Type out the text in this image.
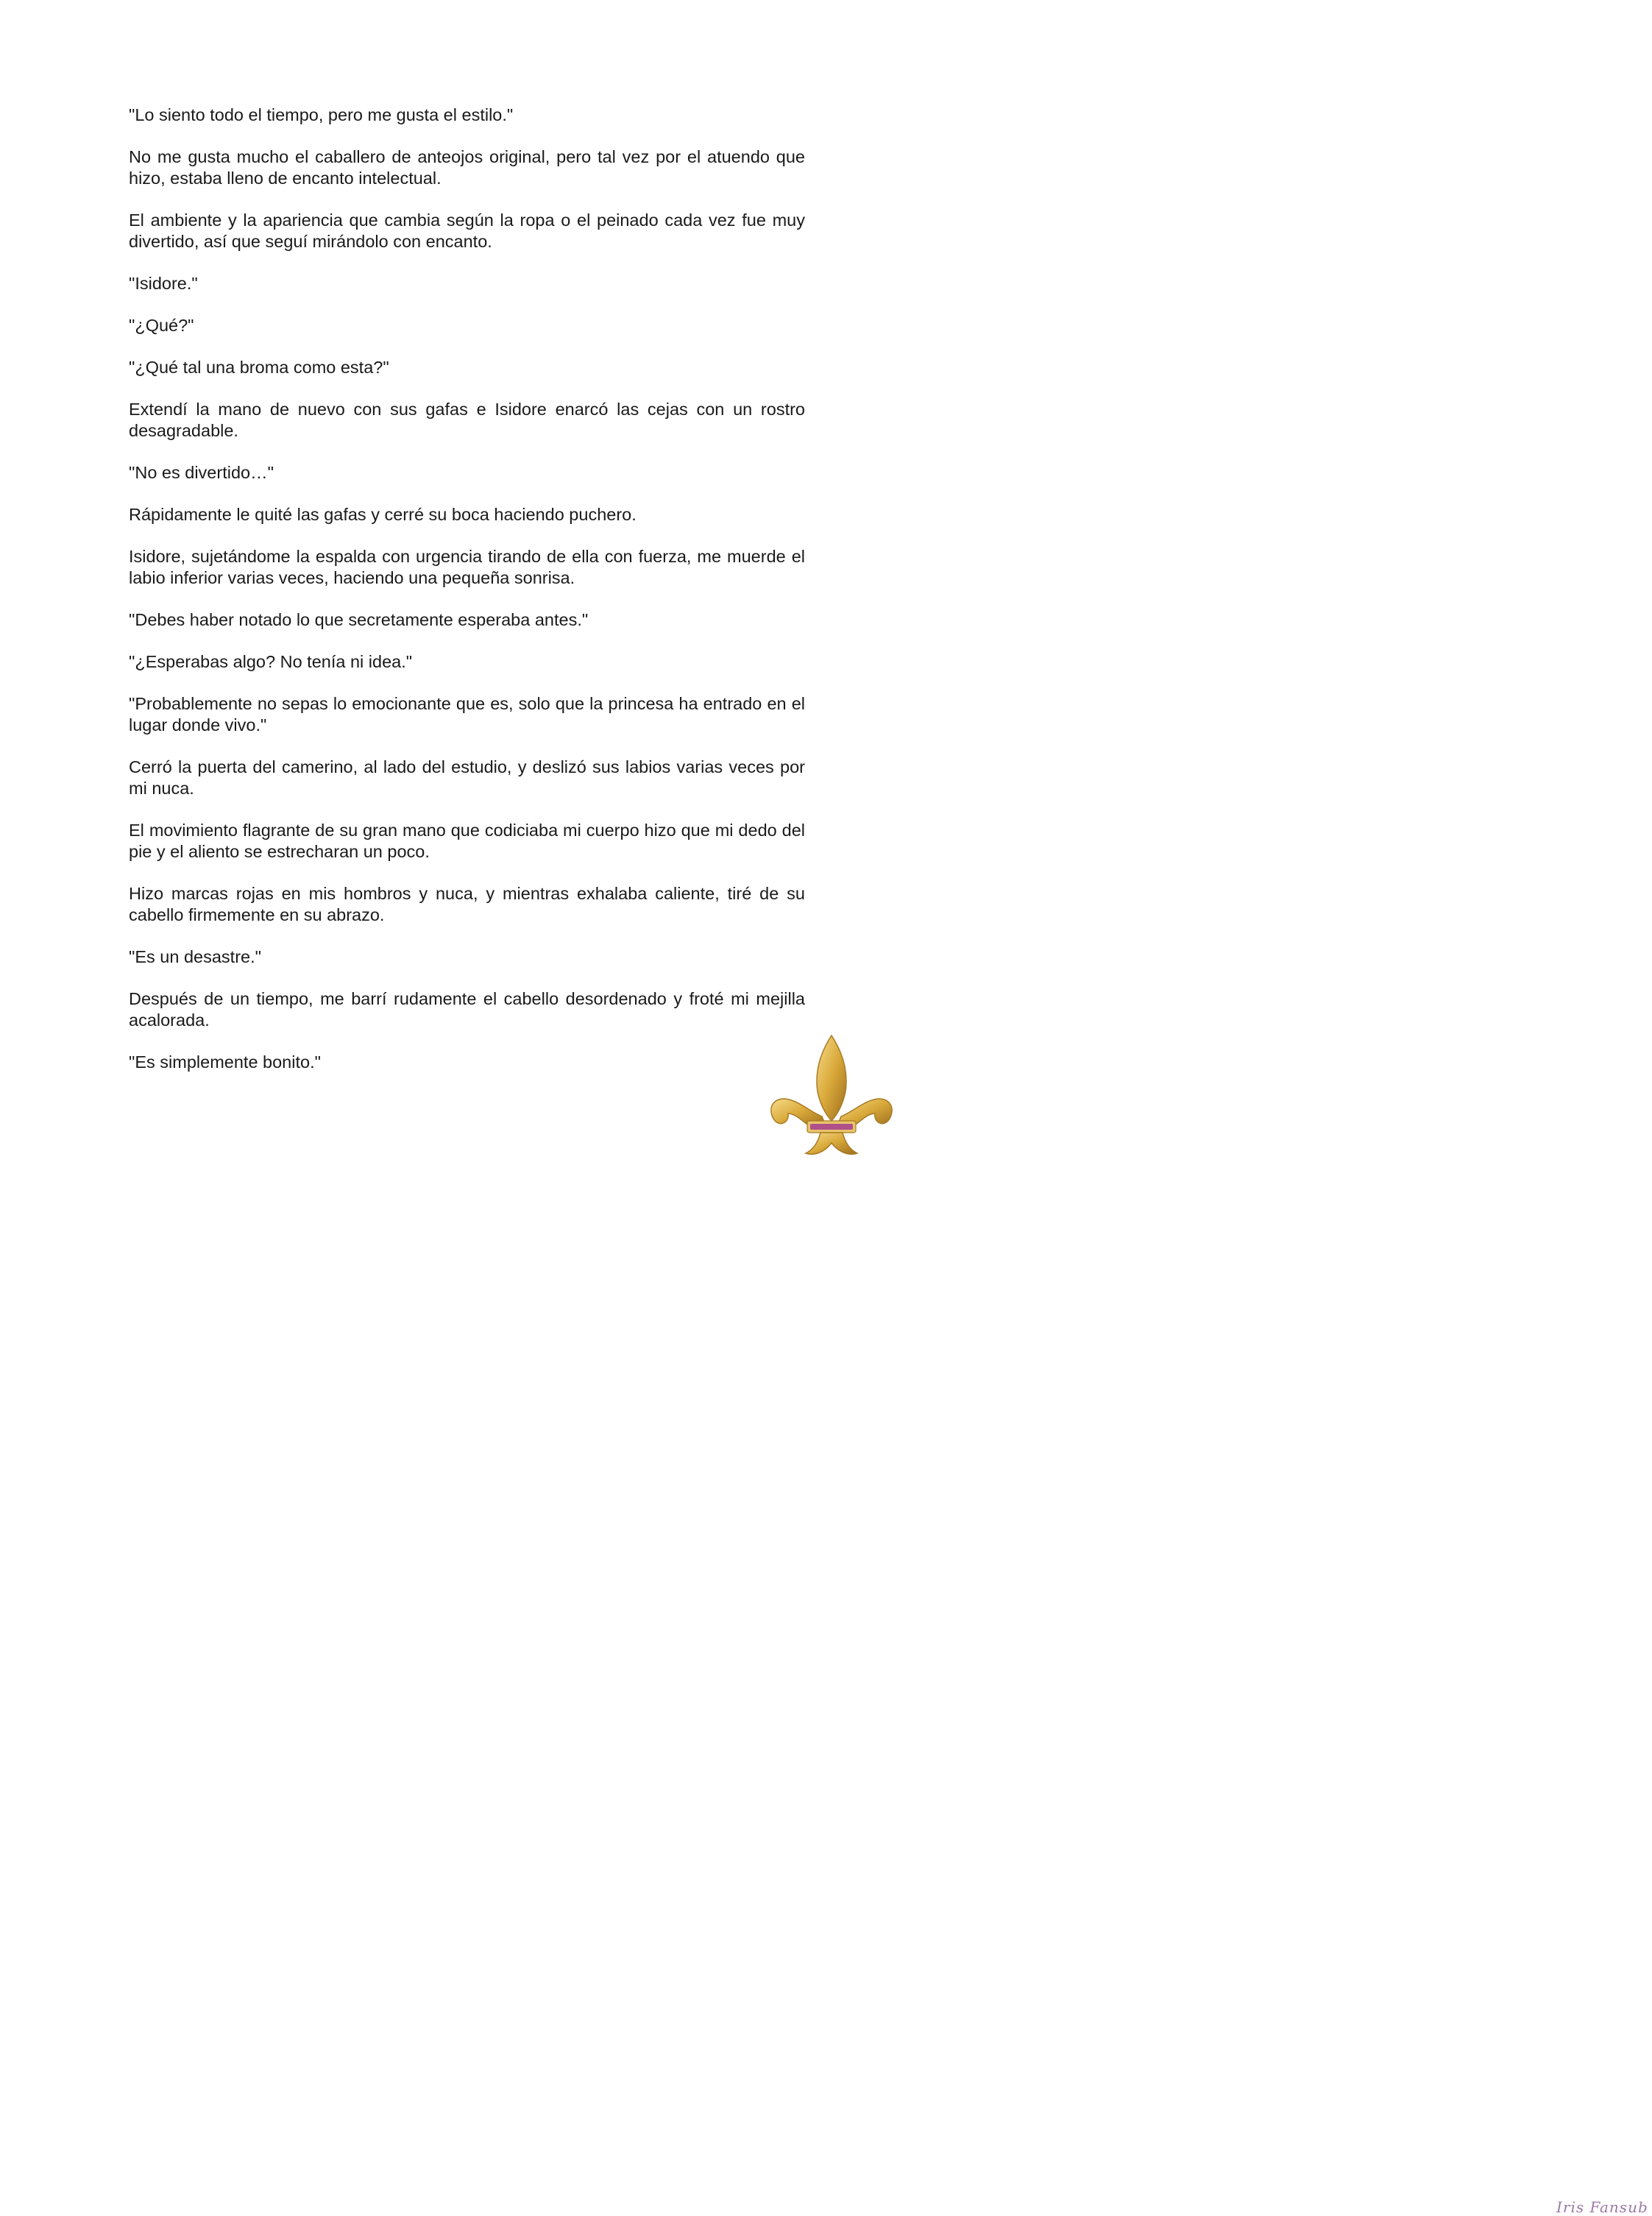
"Lo siento todo el tiempo, pero me gusta el estilo."

No me gusta mucho el caballero de anteojos original, pero tal vez por el atuendo que hizo, estaba lleno de encanto intelectual.

El ambiente y la apariencia que cambia según la ropa o el peinado cada vez fue muy divertido, así que seguí mirándolo con encanto.

"Isidore."

"¿Qué?"

"¿Qué tal una broma como esta?"

Extendí la mano de nuevo con sus gafas e Isidore enarcó las cejas con un rostro desagradable.

"No es divertido…"

Rápidamente le quité las gafas y cerré su boca haciendo puchero.

Isidore, sujetándome la espalda con urgencia tirando de ella con fuerza, me muerde el labio inferior varias veces, haciendo una pequeña sonrisa.

"Debes haber notado lo que secretamente esperaba antes."

"¿Esperabas algo? No tenía ni idea."

"Probablemente no sepas lo emocionante que es, solo que la princesa ha entrado en el lugar donde vivo."

Cerró la puerta del camerino, al lado del estudio, y deslizó sus labios varias veces por mi nuca.

El movimiento flagrante de su gran mano que codiciaba mi cuerpo hizo que mi dedo del pie y el aliento se estrecharan un poco.

Hizo marcas rojas en mis hombros y nuca, y mientras exhalaba caliente, tiré de su cabello firmemente en su abrazo.

"Es un desastre."

Después de un tiempo, me barrí rudamente el cabello desordenado y froté mi mejilla acalorada.

"Es simplemente bonito."

Iris Fansub
